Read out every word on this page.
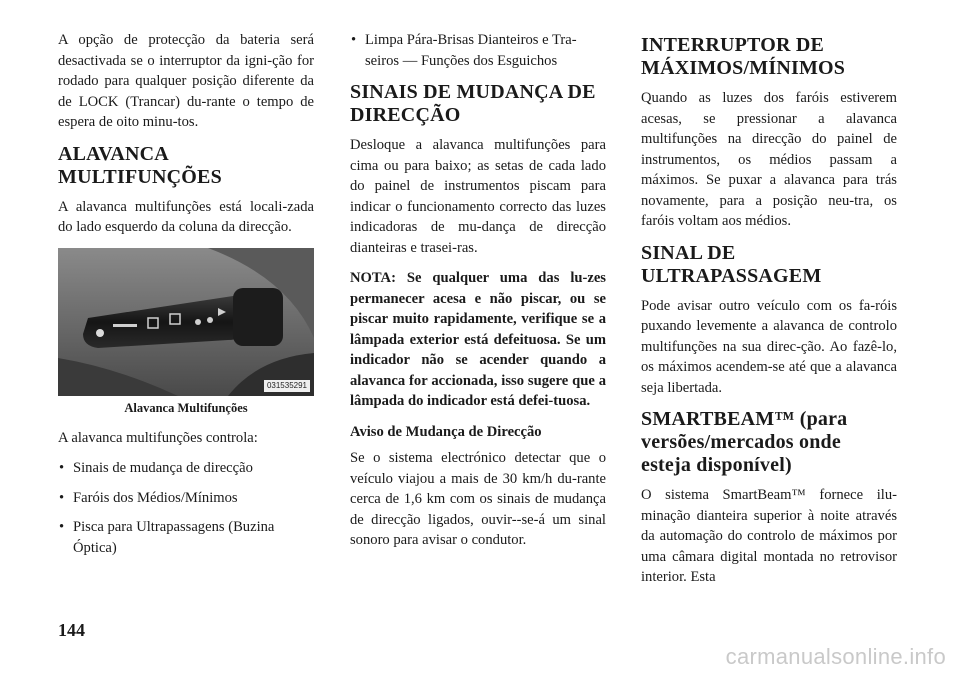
A opção de protecção da bateria será desactivada se o interruptor da igni-ção for rodado para qualquer posição diferente da de LOCK (Trancar) du-rante o tempo de espera de oito minu-tos.

ALAVANCA
MULTIFUNÇÕES

A alavanca multifunções está locali-zada do lado esquerdo da coluna da direcção.

031535291
Alavanca Multifunções

A alavanca multifunções controla:

• Sinais de mudança de direcção
• Faróis dos Médios/Mínimos
• Pisca para Ultrapassagens (Buzina Óptica)
• Limpa Pára-Brisas Dianteiros e Tra-seiros — Funções dos Esguichos
SINAIS DE MUDANÇA DE
DIRECÇÃO

Desloque a alavanca multifunções para cima ou para baixo; as setas de cada lado do painel de instrumentos piscam para indicar o funcionamento correcto das luzes indicadoras de mu-dança de direcção dianteiras e trasei-ras.

NOTA: Se qualquer uma das lu-zes permanecer acesa e não piscar, ou se piscar muito rapidamente, verifique se a lâmpada exterior está defeituosa. Se um indicador não se acender quando a alavanca for accionada, isso sugere que a lâmpada do indicador está defei-tuosa.

Aviso de Mudança de Direcção

Se o sistema electrónico detectar que o veículo viajou a mais de 30 km/h du-rante cerca de 1,6 km com os sinais de mudança de direcção ligados, ouvir--se-á um sinal sonoro para avisar o condutor.

INTERRUPTOR DE
MÁXIMOS/MÍNIMOS

Quando as luzes dos faróis estiverem acesas, se pressionar a alavanca multifunções na direcção do painel de instrumentos, os médios passam a máximos. Se puxar a alavanca para trás novamente, para a posição neu-tra, os faróis voltam aos médios.

SINAL DE
ULTRAPASSAGEM

Pode avisar outro veículo com os fa-róis puxando levemente a alavanca de controlo multifunções na sua direc-ção. Ao fazê-lo, os máximos acendem-se até que a alavanca seja libertada.

SMARTBEAM™ (para
versões/mercados onde
esteja disponível)

O sistema SmartBeam™ fornece ilu-minação dianteira superior à noite através da automação do controlo de máximos por uma câmara digital montada no retrovisor interior. Esta

144
carmanualsonline.info
